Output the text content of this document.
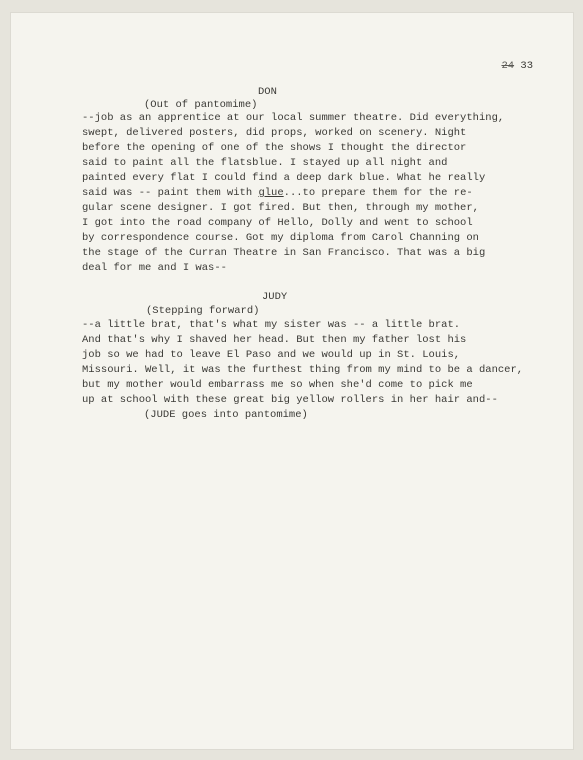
24 33
DON
(Out of pantomime)
--job as an apprentice at our local summer theatre. Did everything,
swept, delivered posters, did props, worked on scenery. Night
before the opening of one of the shows I thought the director
said to paint all the flatsblue. I stayed up all night and
painted every flat I could find a deep dark blue. What he really
said was -- paint them with glue...to prepare them for the re-
gular scene designer. I got fired. But then, through my mother,
I got into the road company of Hello, Dolly and went to school
by correspondence course. Got my diploma from Carol Channing on
the stage of the Curran Theatre in San Francisco. That was a big
deal for me and I was--
JUDY
(Stepping forward)
--a little brat, that's what my sister was -- a little brat.
And that's why I shaved her head. But then my father lost his
job so we had to leave El Paso and we would up in St. Louis,
Missouri. Well, it was the furthest thing from my mind to be a dancer,
but my mother would embarrass me so when she'd come to pick me
up at school with these great big yellow rollers in her hair and--
(JUDE goes into pantomime)
